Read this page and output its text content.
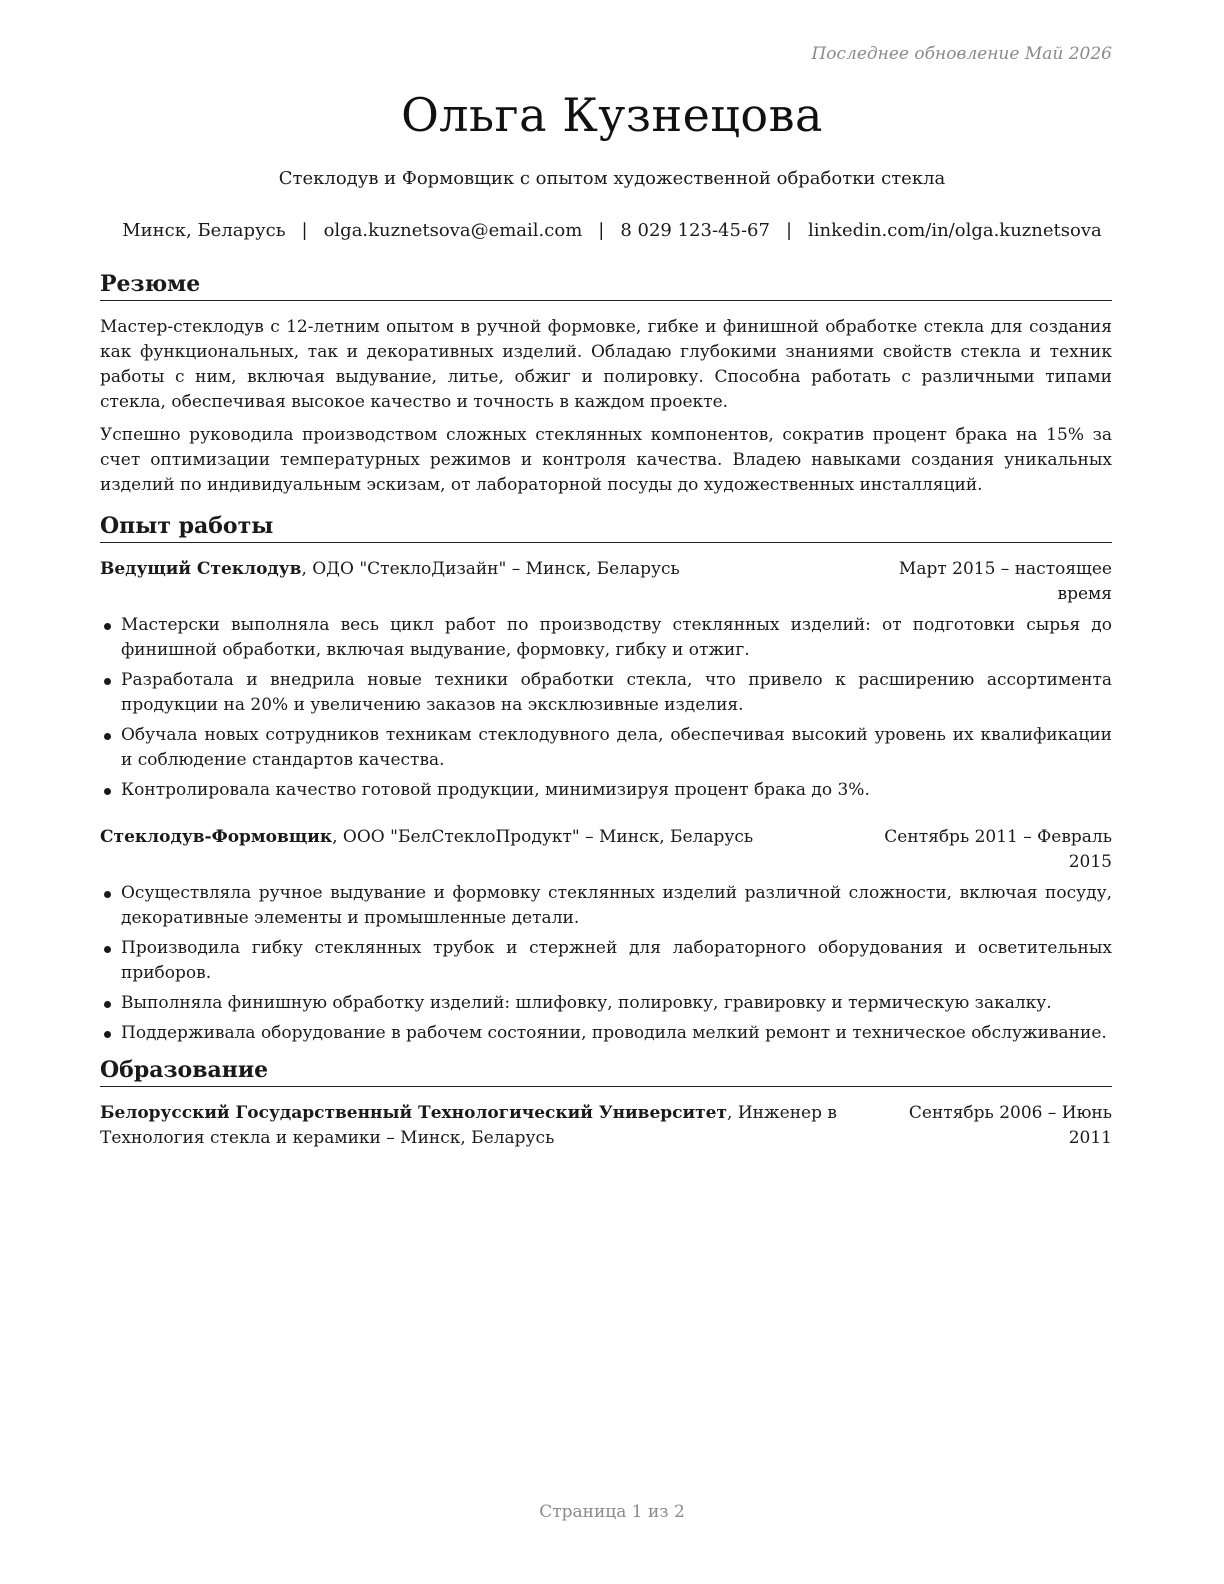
Последнее обновление Май 2026
Ольга Кузнецова
Стеклодув и Формовщик с опытом художественной обработки стекла
Минск, Беларусь | olga.kuznetsova@email.com | 8 029 123-45-67 | linkedin.com/in/olga.kuznetsova
Резюме

Мастер-стеклодув с 12-летним опытом в ручной формовке, гибке и финишной обработке стекла для создания как функциональных, так и декоративных изделий. Обладаю глубокими знаниями свойств стекла и техник работы с ним, включая выдувание, литье, обжиг и полировку. Способна работать с различными типами стекла, обеспечивая высокое качество и точность в каждом проекте.

Успешно руководила производством сложных стеклянных компонентов, сократив процент брака на 15% за счет оптимизации температурных режимов и контроля качества. Владею навыками создания уникальных изделий по индивидуальным эскизам, от лабораторной посуды до художественных инсталляций.

Опыт работы
Ведущий Стеклодув, ОДО "СтеклоДизайн" – Минск, Беларусь	Март 2015 – настоящее время
Мастерски выполняла весь цикл работ по производству стеклянных изделий: от подготовки сырья до финишной обработки, включая выдувание, формовку, гибку и отжиг.
Разработала и внедрила новые техники обработки стекла, что привело к расширению ассортимента продукции на 20% и увеличению заказов на эксклюзивные изделия.
Обучала новых сотрудников техникам стеклодувного дела, обеспечивая высокий уровень их квалификации и соблюдение стандартов качества.
Контролировала качество готовой продукции, минимизируя процент брака до 3%.
Стеклодув-Формовщик, ООО "БелСтеклоПродукт" – Минск, Беларусь	Сентябрь 2011 – Февраль 2015
Осуществляла ручное выдувание и формовку стеклянных изделий различной сложности, включая посуду, декоративные элементы и промышленные детали.
Производила гибку стеклянных трубок и стержней для лабораторного оборудования и осветительных приборов.
Выполняла финишную обработку изделий: шлифовку, полировку, гравировку и термическую закалку.
Поддерживала оборудование в рабочем состоянии, проводила мелкий ремонт и техническое обслуживание.
Образование
Белорусский Государственный Технологический Университет, Инженер в Технология стекла и керамики – Минск, Беларусь
Сентябрь 2006 – Июнь 2011
Страница 1 из 2
